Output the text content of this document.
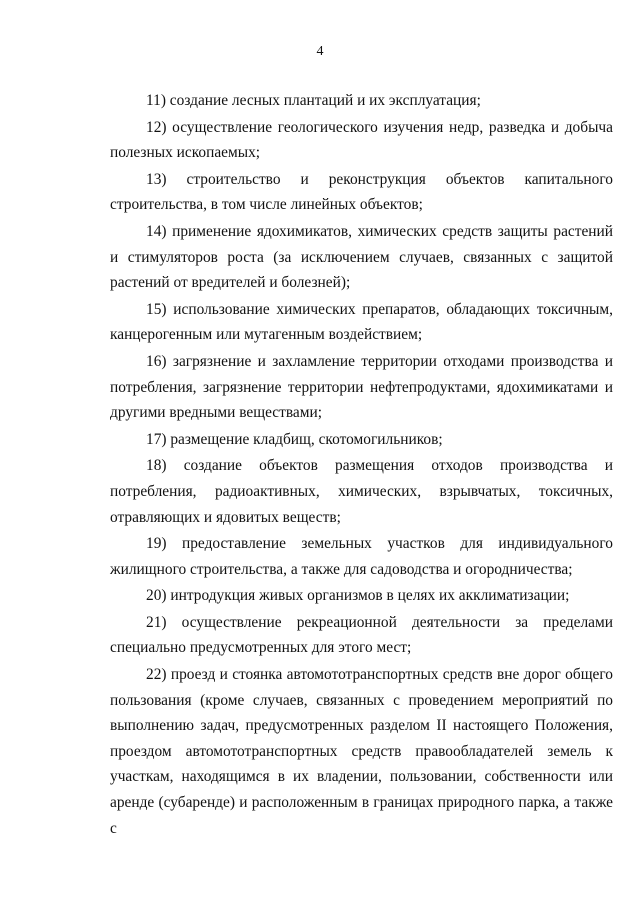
4

11) создание лесных плантаций и их эксплуатация;

12) осуществление геологического изучения недр, разведка и добыча полезных ископаемых;

13) строительство и реконструкция объектов капитального строительства, в том числе линейных объектов;

14) применение ядохимикатов, химических средств защиты растений и стимуляторов роста (за исключением случаев, связанных с защитой растений от вредителей и болезней);

15) использование химических препаратов, обладающих токсичным, канцерогенным или мутагенным воздействием;

16) загрязнение и захламление территории отходами производства и потребления, загрязнение территории нефтепродуктами, ядохимикатами и другими вредными веществами;

17) размещение кладбищ, скотомогильников;

18) создание объектов размещения отходов производства и потребления, радиоактивных, химических, взрывчатых, токсичных, отравляющих и ядовитых веществ;

19) предоставление земельных участков для индивидуального жилищного строительства, а также для садоводства и огородничества;

20) интродукция живых организмов в целях их акклиматизации;

21) осуществление рекреационной деятельности за пределами специально предусмотренных для этого мест;

22) проезд и стоянка автомототранспортных средств вне дорог общего пользования (кроме случаев, связанных с проведением мероприятий по выполнению задач, предусмотренных разделом II настоящего Положения, проездом автомототранспортных средств правообладателей земель к участкам, находящимся в их владении, пользовании, собственности или аренде (субаренде) и расположенным в границах природного парка, а также с
